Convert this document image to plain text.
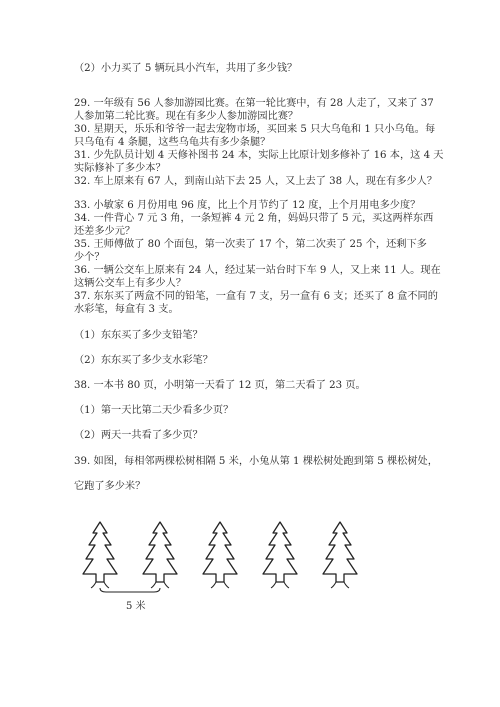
（2）小力买了 5 辆玩具小汽车，共用了多少钱？
29. 一年级有 56 人参加游园比赛。在第一轮比赛中，有 28 人走了，又来了 37
人参加第二轮比赛。现在有多少人参加游园比赛？
30. 星期天，乐乐和爷爷一起去宠物市场，买回来 5 只大乌龟和 1 只小乌龟。每
只乌龟有 4 条腿，这些乌龟共有多少条腿？
31. 少先队员计划 4 天修补图书 24 本，实际上比原计划多修补了 16 本，这 4 天
实际修补了多少本？
32. 车上原来有 67 人，到南山站下去 25 人，又上去了 38 人，现在有多少人？
33. 小敏家 6 月份用电 96 度，比上个月节约了 12 度，上个月用电多少度？
34. 一件背心 7 元 3 角，一条短裤 4 元 2 角，妈妈只带了 5 元，买这两样东西
还差多少元？
35. 王师傅做了 80 个面包，第一次卖了 17 个，第二次卖了 25 个，还剩下多
少个？
36. 一辆公交车上原来有 24 人，经过某一站台时下车 9 人，又上来 11 人。现在
这辆公交车上有多少人？
37. 东东买了两盒不同的铅笔，一盒有 7 支，另一盒有 6 支；还买了 8 盒不同的
水彩笔，每盒有 3 支。
（1）东东买了多少支铅笔？
（2）东东买了多少支水彩笔？
38. 一本书 80 页，小明第一天看了 12 页，第二天看了 23 页。
（1）第一天比第二天少看多少页？
（2）两天一共看了多少页？
39. 如图，每相邻两棵松树相隔 5 米，小兔从第 1 棵松树处跑到第 5 棵松树处，
它跑了多少米？
5 米
